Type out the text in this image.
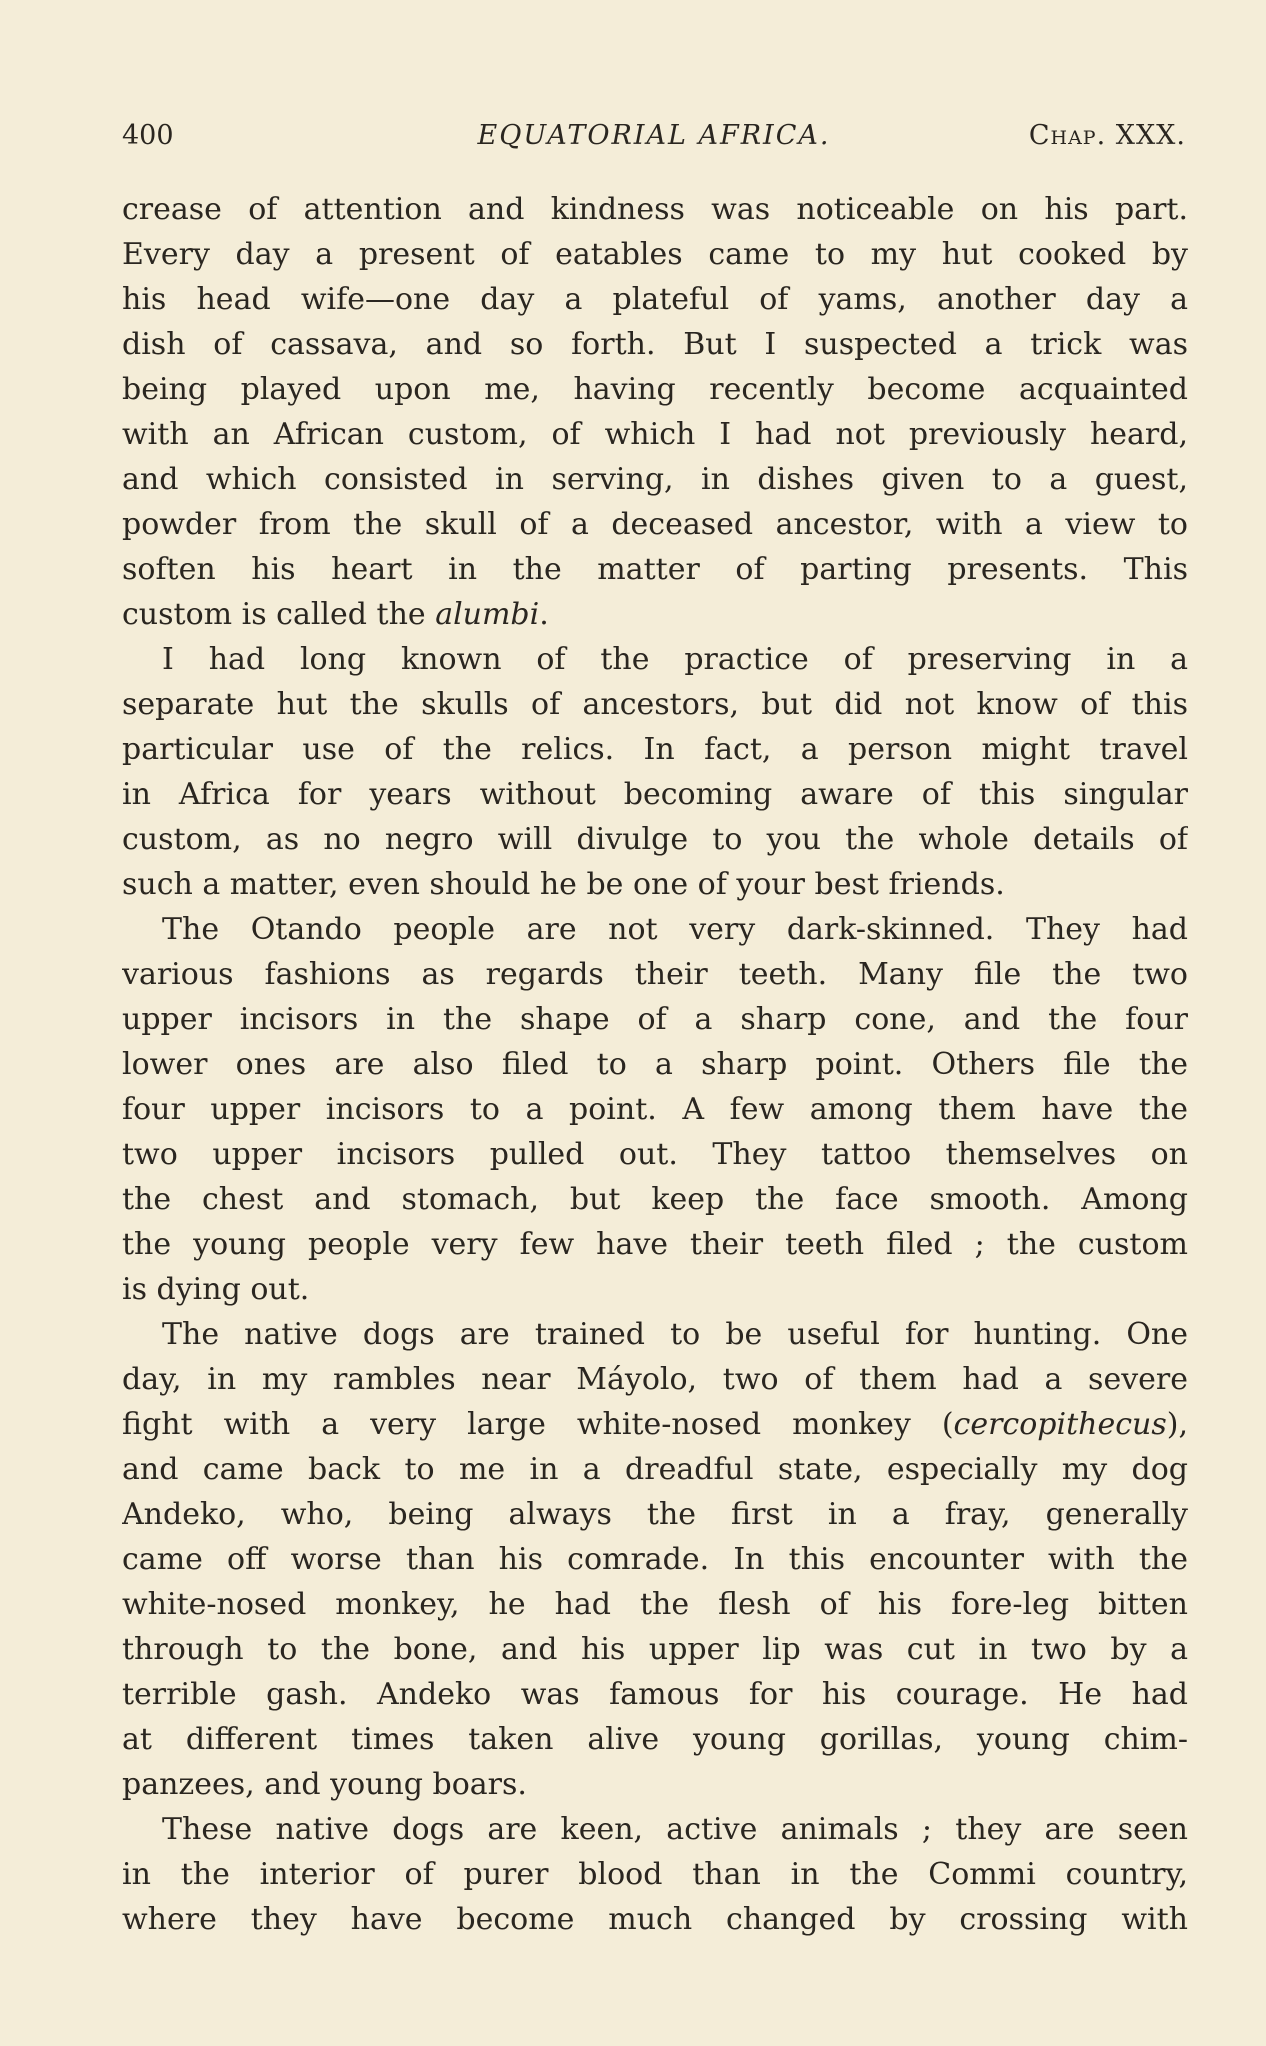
400	EQUATORIAL AFRICA.	Chap. XXX.
crease of attention and kindness was noticeable on his part.
Every day a present of eatables came to my hut cooked by
his head wife—one day a plateful of yams, another day a
dish of cassava, and so forth. But I suspected a trick was
being played upon me, having recently become acquainted
with an African custom, of which I had not previously heard,
and which consisted in serving, in dishes given to a guest,
powder from the skull of a deceased ancestor, with a view to
soften his heart in the matter of parting presents. This
custom is called the alumbi.
I had long known of the practice of preserving in a
separate hut the skulls of ancestors, but did not know of this
particular use of the relics. In fact, a person might travel
in Africa for years without becoming aware of this singular
custom, as no negro will divulge to you the whole details of
such a matter, even should he be one of your best friends.
The Otando people are not very dark-skinned. They had
various fashions as regards their teeth. Many file the two
upper incisors in the shape of a sharp cone, and the four
lower ones are also filed to a sharp point. Others file the
four upper incisors to a point. A few among them have the
two upper incisors pulled out. They tattoo themselves on
the chest and stomach, but keep the face smooth. Among
the young people very few have their teeth filed ; the custom
is dying out.
The native dogs are trained to be useful for hunting. One
day, in my rambles near Máyolo, two of them had a severe
fight with a very large white-nosed monkey (cercopithecus),
and came back to me in a dreadful state, especially my dog
Andeko, who, being always the first in a fray, generally
came off worse than his comrade. In this encounter with the
white-nosed monkey, he had the flesh of his fore-leg bitten
through to the bone, and his upper lip was cut in two by a
terrible gash. Andeko was famous for his courage. He had
at different times taken alive young gorillas, young chim-
panzees, and young boars.
These native dogs are keen, active animals ; they are seen
in the interior of purer blood than in the Commi country,
where they have become much changed by crossing with
